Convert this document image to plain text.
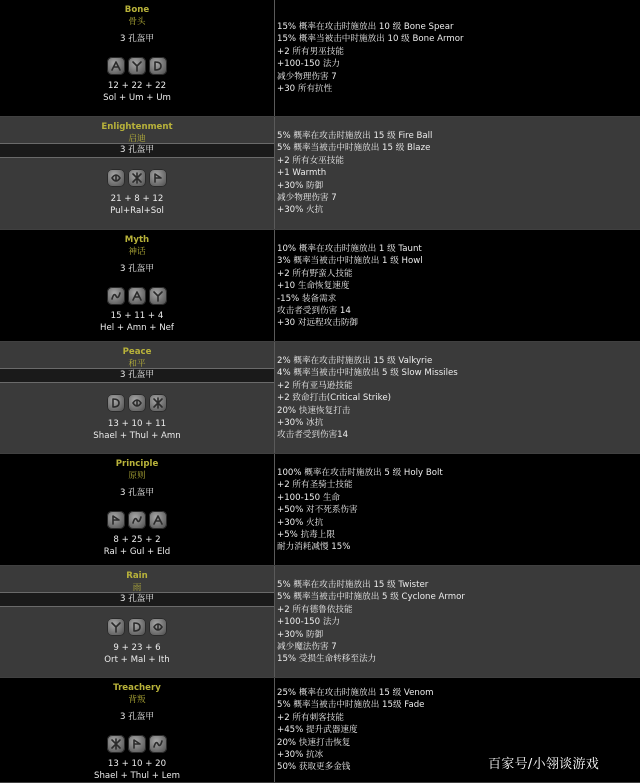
Bone
骨头
3 孔盔甲
12 + 22 + 22
Sol + Um + Um
15% 概率在攻击时施放出 10 级 Bone Spear
15% 概率当被击中时施放出 10 级 Bone Armor
+2 所有男巫技能
+100-150 法力
减少物理伤害 7
+30 所有抗性
Enlightenment
启迪
3 孔盔甲
21 + 8 + 12
Pul+Ral+Sol
5% 概率在攻击时施放出 15 级 Fire Ball
5% 概率当被击中时施放出 15 级 Blaze
+2 所有女巫技能
+1 Warmth
+30% 防御
减少物理伤害 7
+30% 火抗
Myth
神话
3 孔盔甲
15 + 11 + 4
Hel + Amn + Nef
10% 概率在攻击时施放出 1 级 Taunt
3% 概率当被击中时施放出 1 级 Howl
+2 所有野蛮人技能
+10 生命恢复速度
-15% 装备需求
攻击者受到伤害 14
+30 对远程攻击防御
Peace
和平
3 孔盔甲
13 + 10 + 11
Shael + Thul + Amn
2% 概率在攻击时施放出 15 级 Valkyrie
4% 概率当被击中时施放出 5 级 Slow Missiles
+2 所有亚马逊技能
+2 致命打击(Critical Strike)
20% 快速恢复打击
+30% 冰抗
攻击者受到伤害14
Principle
原则
3 孔盔甲
8 + 25 + 2
Ral + Gul + Eld
100% 概率在攻击时施放出 5 级 Holy Bolt
+2 所有圣骑士技能
+100-150 生命
+50% 对不死系伤害
+30% 火抗
+5% 抗毒上限
耐力消耗减慢 15%
Rain
雨
3 孔盔甲
9 + 23 + 6
Ort + Mal + Ith
5% 概率在攻击时施放出 15 级 Twister
5% 概率当被击中时施放出 5 级 Cyclone Armor
+2 所有德鲁依技能
+100-150 法力
+30% 防御
减少魔法伤害 7
15% 受损生命转移至法力
Treachery
背叛
3 孔盔甲
13 + 10 + 20
Shael + Thul + Lem
25% 概率在攻击时施放出 15 级 Venom
5% 概率当被击中时施放出 15级 Fade
+2 所有刺客技能
+45% 提升武器速度
20% 快速打击恢复
+30% 抗冰
50% 获取更多金钱	百家号/小翎谈游戏
